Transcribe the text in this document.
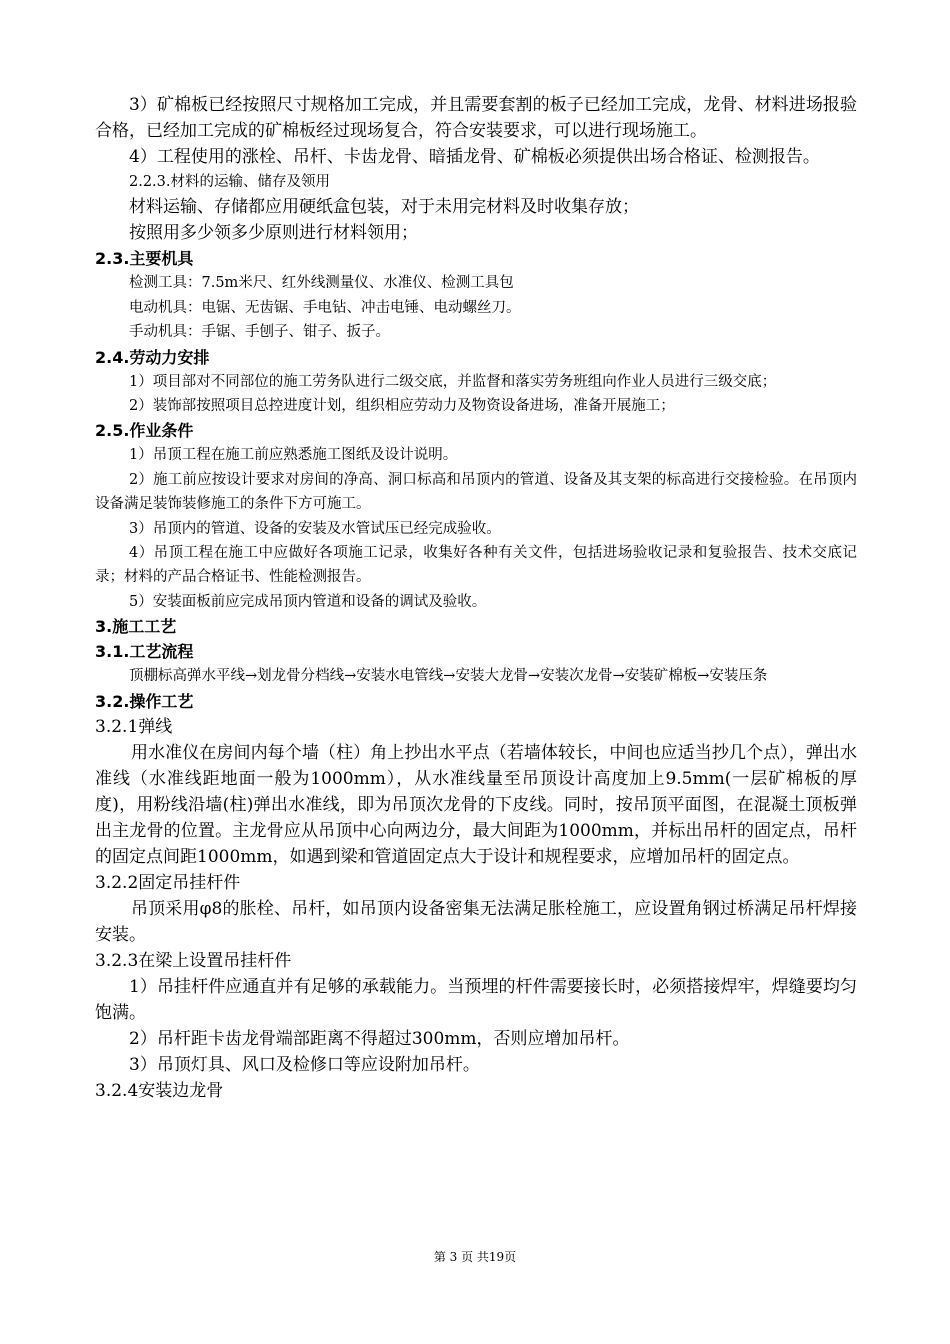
3）矿棉板已经按照尺寸规格加工完成，并且需要套割的板子已经加工完成，龙骨、材料进场报验合格，已经加工完成的矿棉板经过现场复合，符合安装要求，可以进行现场施工。

4）工程使用的涨栓、吊杆、卡齿龙骨、暗插龙骨、矿棉板必须提供出场合格证、检测报告。

2.2.3.材料的运输、储存及领用

材料运输、存储都应用硬纸盒包装，对于未用完材料及时收集存放；

按照用多少领多少原则进行材料领用；

2.3.主要机具

检测工具：7.5m米尺、红外线测量仪、水准仪、检测工具包

电动机具：电锯、无齿锯、手电钻、冲击电锤、电动螺丝刀。

手动机具：手锯、手刨子、钳子、扳子。

2.4.劳动力安排

1）项目部对不同部位的施工劳务队进行二级交底，并监督和落实劳务班组向作业人员进行三级交底；

2）装饰部按照项目总控进度计划，组织相应劳动力及物资设备进场，准备开展施工；

2.5.作业条件

1）吊顶工程在施工前应熟悉施工图纸及设计说明。

2）施工前应按设计要求对房间的净高、洞口标高和吊顶内的管道、设备及其支架的标高进行交接检验。在吊顶内设备满足装饰装修施工的条件下方可施工。

3）吊顶内的管道、设备的安装及水管试压已经完成验收。

4）吊顶工程在施工中应做好各项施工记录，收集好各种有关文件，包括进场验收记录和复验报告、技术交底记录；材料的产品合格证书、性能检测报告。

5）安装面板前应完成吊顶内管道和设备的调试及验收。

3.施工工艺

3.1.工艺流程

顶棚标高弹水平线→划龙骨分档线→安装水电管线→安装大龙骨→安装次龙骨→安装矿棉板→安装压条

3.2.操作工艺

3.2.1弹线

用水准仪在房间内每个墙（柱）角上抄出水平点（若墙体较长，中间也应适当抄几个点），弹出水准线（水准线距地面一般为1000mm），从水准线量至吊顶设计高度加上9.5mm(一层矿棉板的厚度)，用粉线沿墙(柱)弹出水准线，即为吊顶次龙骨的下皮线。同时，按吊顶平面图，在混凝土顶板弹出主龙骨的位置。主龙骨应从吊顶中心向两边分，最大间距为1000mm，并标出吊杆的固定点，吊杆的固定点间距1000mm，如遇到梁和管道固定点大于设计和规程要求，应增加吊杆的固定点。

3.2.2固定吊挂杆件

吊顶采用φ8的胀栓、吊杆，如吊顶内设备密集无法满足胀栓施工，应设置角钢过桥满足吊杆焊接安装。

3.2.3在梁上设置吊挂杆件

1）吊挂杆件应通直并有足够的承载能力。当预埋的杆件需要接长时，必须搭接焊牢，焊缝要均匀饱满。

2）吊杆距卡齿龙骨端部距离不得超过300mm，否则应增加吊杆。

3）吊顶灯具、风口及检修口等应设附加吊杆。

3.2.4安装边龙骨

第 3 页 共19页
